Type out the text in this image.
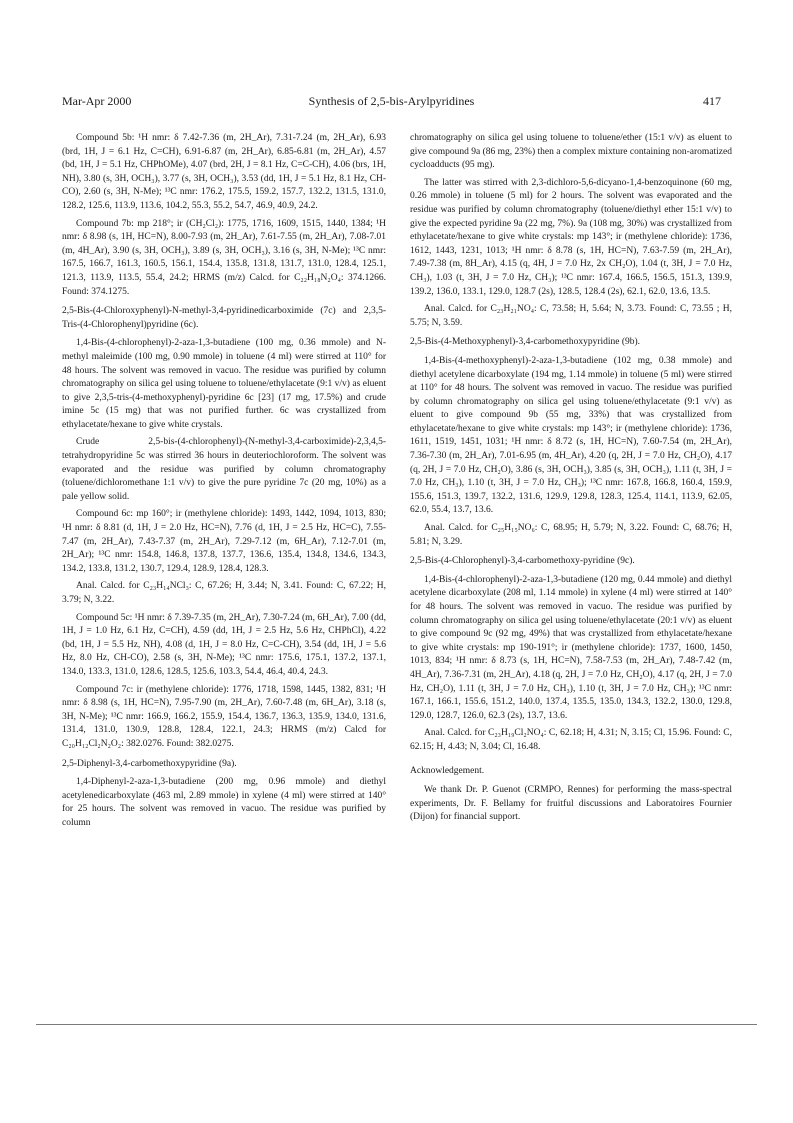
Mar-Apr 2000	Synthesis of 2,5-bis-Arylpyridines	417

Compound 5b: ¹H nmr: δ 7.42-7.36 (m, 2H_Ar), 7.31-7.24 (m, 2H_Ar), 6.93 (brd, 1H, J = 6.1 Hz, C=CH), 6.91-6.87 (m, 2H_Ar), 6.85-6.81 (m, 2H_Ar), 4.57 (bd, 1H, J = 5.1 Hz, CHPhOMe), 4.07 (brd, 2H, J = 8.1 Hz, C=C-CH), 4.06 (brs, 1H, NH), 3.80 (s, 3H, OCH₃), 3.77 (s, 3H, OCH₃), 3.53 (dd, 1H, J = 5.1 Hz, 8.1 Hz, CH-CO), 2.60 (s, 3H, N-Me); ¹³C nmr: 176.2, 175.5, 159.2, 157.7, 132.2, 131.5, 131.0, 128.2, 125.6, 113.9, 113.6, 104.2, 55.3, 55.2, 54.7, 46.9, 40.9, 24.2.

Compound 7b: mp 218°; ir (CH₂Cl₂): 1775, 1716, 1609, 1515, 1440, 1384; ¹H nmr: δ 8.98 (s, 1H, HC=N), 8.00-7.93 (m, 2H_Ar), 7.61-7.55 (m, 2H_Ar), 7.08-7.01 (m, 4H_Ar), 3.90 (s, 3H, OCH₃), 3.89 (s, 3H, OCH₃), 3.16 (s, 3H, N-Me); ¹³C nmr: 167.5, 166.7, 161.3, 160.5, 156.1, 154.4, 135.8, 131.8, 131.7, 131.0, 128.4, 125.1, 121.3, 113.9, 113.5, 55.4, 24.2; HRMS (m/z) Calcd. for C₂₂H₁₈N₂O₄: 374.1266. Found: 374.1275.

2,5-Bis-(4-Chloroxyphenyl)-N-methyl-3,4-pyridinedicarboximide (7c) and 2,3,5-Tris-(4-Chlorophenyl)pyridine (6c).

1,4-Bis-(4-chlorophenyl)-2-aza-1,3-butadiene (100 mg, 0.36 mmole) and N-methyl maleimide (100 mg, 0.90 mmole) in toluene (4 ml) were stirred at 110° for 48 hours. The solvent was removed in vacuo. The residue was purified by column chromatography on silica gel using toluene to toluene/ethylacetate (9:1 v/v) as eluent to give 2,3,5-tris-(4-methoxyphenyl)-pyridine 6c [23] (17 mg, 17.5%) and crude imine 5c (15 mg) that was not purified further. 6c was crystallized from ethylacetate/hexane to give white crystals.

Crude 2,5-bis-(4-chlorophenyl)-(N-methyl-3,4-carboximide)-2,3,4,5-tetrahydropyridine 5c was stirred 36 hours in deuteriochloroform. The solvent was evaporated and the residue was purified by column chromatography (toluene/dichloromethane 1:1 v/v) to give the pure pyridine 7c (20 mg, 10%) as a pale yellow solid.

Compound 6c: mp 160°; ir (methylene chloride): 1493, 1442, 1094, 1013, 830; ¹H nmr: δ 8.81 (d, 1H, J = 2.0 Hz, HC=N), 7.76 (d, 1H, J = 2.5 Hz, HC=C), 7.55-7.47 (m, 2H_Ar), 7.43-7.37 (m, 2H_Ar), 7.29-7.12 (m, 6H_Ar), 7.12-7.01 (m, 2H_Ar); ¹³C nmr: 154.8, 146.8, 137.8, 137.7, 136.6, 135.4, 134.8, 134.6, 134.3, 134.2, 133.8, 131.2, 130.7, 129.4, 128.9, 128.4, 128.3.

Anal. Calcd. for C₂₃H₁₄NCl₃: C, 67.26; H, 3.44; N, 3.41. Found: C, 67.22; H, 3.79; N, 3.22.

Compound 5c: ¹H nmr: δ 7.39-7.35 (m, 2H_Ar), 7.30-7.24 (m, 6H_Ar), 7.00 (dd, 1H, J = 1.0 Hz, 6.1 Hz, C=CH), 4.59 (dd, 1H, J = 2.5 Hz, 5.6 Hz, CHPhCl), 4.22 (bd, 1H, J = 5.5 Hz, NH), 4.08 (d, 1H, J = 8.0 Hz, C=C-CH), 3.54 (dd, 1H, J = 5.6 Hz, 8.0 Hz, CH-CO), 2.58 (s, 3H, N-Me); ¹³C nmr: 175.6, 175.1, 137.2, 137.1, 134.0, 133.3, 131.0, 128.6, 128.5, 125.6, 103.3, 54.4, 46.4, 40.4, 24.3.

Compound 7c: ir (methylene chloride): 1776, 1718, 1598, 1445, 1382, 831; ¹H nmr: δ 8.98 (s, 1H, HC=N), 7.95-7.90 (m, 2H_Ar), 7.60-7.48 (m, 6H_Ar), 3.18 (s, 3H, N-Me); ¹³C nmr: 166.9, 166.2, 155.9, 154.4, 136.7, 136.3, 135.9, 134.0, 131.6, 131.4, 131.0, 130.9, 128.8, 128.4, 122.1, 24.3; HRMS (m/z) Calcd for C₂₀H₁₂Cl₂N₂O₂: 382.0276. Found: 382.0275.

2,5-Diphenyl-3,4-carbomethoxypyridine (9a).

1,4-Diphenyl-2-aza-1,3-butadiene (200 mg, 0.96 mmole) and diethyl acetylenedicarboxylate (463 ml, 2.89 mmole) in xylene (4 ml) were stirred at 140° for 25 hours. The solvent was removed in vacuo. The residue was purified by column

chromatography on silica gel using toluene to toluene/ether (15:1 v/v) as eluent to give compound 9a (86 mg, 23%) then a complex mixture containing non-aromatized cycloadducts (95 mg).

The latter was stirred with 2,3-dichloro-5,6-dicyano-1,4-benzoquinone (60 mg, 0.26 mmole) in toluene (5 ml) for 2 hours. The solvent was evaporated and the residue was purified by column chromatography (toluene/diethyl ether 15:1 v/v) to give the expected pyridine 9a (22 mg, 7%). 9a (108 mg, 30%) was crystallized from ethylacetate/hexane to give white crystals: mp 143°; ir (methylene chloride): 1736, 1612, 1443, 1231, 1013; ¹H nmr: δ 8.78 (s, 1H, HC=N), 7.63-7.59 (m, 2H_Ar), 7.49-7.38 (m, 8H_Ar), 4.15 (q, 4H, J = 7.0 Hz, 2x CH₂O), 1.04 (t, 3H, J = 7.0 Hz, CH₃), 1.03 (t, 3H, J = 7.0 Hz, CH₃); ¹³C nmr: 167.4, 166.5, 156.5, 151.3, 139.9, 139.2, 136.0, 133.1, 129.0, 128.7 (2s), 128.5, 128.4 (2s), 62.1, 62.0, 13.6, 13.5.

Anal. Calcd. for C₂₃H₂₁NO₄: C, 73.58; H, 5.64; N, 3.73. Found: C, 73.55 ; H, 5.75; N, 3.59.

2,5-Bis-(4-Methoxyphenyl)-3,4-carbomethoxypyridine (9b).

1,4-Bis-(4-methoxyphenyl)-2-aza-1,3-butadiene (102 mg, 0.38 mmole) and diethyl acetylene dicarboxylate (194 mg, 1.14 mmole) in toluene (5 ml) were stirred at 110° for 48 hours. The solvent was removed in vacuo. The residue was purified by column chromatography on silica gel using toluene/ethylacetate (9:1 v/v) as eluent to give compound 9b (55 mg, 33%) that was crystallized from ethylacetate/hexane to give white crystals: mp 143°; ir (methylene chloride): 1736, 1611, 1519, 1451, 1031; ¹H nmr: δ 8.72 (s, 1H, HC=N), 7.60-7.54 (m, 2H_Ar), 7.36-7.30 (m, 2H_Ar), 7.01-6.95 (m, 4H_Ar), 4.20 (q, 2H, J = 7.0 Hz, CH₂O), 4.17 (q, 2H, J = 7.0 Hz, CH₂O), 3.86 (s, 3H, OCH₃), 3.85 (s, 3H, OCH₃), 1.11 (t, 3H, J = 7.0 Hz, CH₃), 1.10 (t, 3H, J = 7.0 Hz, CH₃); ¹³C nmr: 167.8, 166.8, 160.4, 159.9, 155.6, 151.3, 139.7, 132.2, 131.6, 129.9, 129.8, 128.3, 125.4, 114.1, 113.9, 62.05, 62.0, 55.4, 13.7, 13.6.

Anal. Calcd. for C₂₅H₁₅NO₆: C, 68.95; H, 5.79; N, 3.22. Found: C, 68.76; H, 5.81; N, 3.29.

2,5-Bis-(4-Chlorophenyl)-3,4-carbomethoxy-pyridine (9c).

1,4-Bis-(4-chlorophenyl)-2-aza-1,3-butadiene (120 mg, 0.44 mmole) and diethyl acetylene dicarboxylate (208 ml, 1.14 mmole) in xylene (4 ml) were stirred at 140° for 48 hours. The solvent was removed in vacuo. The residue was purified by column chromatography on silica gel using toluene/ethylacetate (20:1 v/v) as eluent to give compound 9c (92 mg, 49%) that was crystallized from ethylacetate/hexane to give white crystals: mp 190-191°; ir (methylene chloride): 1737, 1600, 1450, 1013, 834; ¹H nmr: δ 8.73 (s, 1H, HC=N), 7.58-7.53 (m, 2H_Ar), 7.48-7.42 (m, 4H_Ar), 7.36-7.31 (m, 2H_Ar), 4.18 (q, 2H, J = 7.0 Hz, CH₂O), 4.17 (q, 2H, J = 7.0 Hz, CH₂O), 1.11 (t, 3H, J = 7.0 Hz, CH₃), 1.10 (t, 3H, J = 7.0 Hz, CH₃); ¹³C nmr: 167.1, 166.1, 155.6, 151.2, 140.0, 137.4, 135.5, 135.0, 134.3, 132.2, 130.0, 129.8, 129.0, 128.7, 126.0, 62.3 (2s), 13.7, 13.6.

Anal. Calcd. for C₂₃H₁₉Cl₂NO₄: C, 62.18; H, 4.31; N, 3.15; Cl, 15.96. Found: C, 62.15; H, 4.43; N, 3.04; Cl, 16.48.

Acknowledgement.

We thank Dr. P. Guenot (CRMPO, Rennes) for performing the mass-spectral experiments, Dr. F. Bellamy for fruitful discussions and Laboratoires Fournier (Dijon) for financial support.
